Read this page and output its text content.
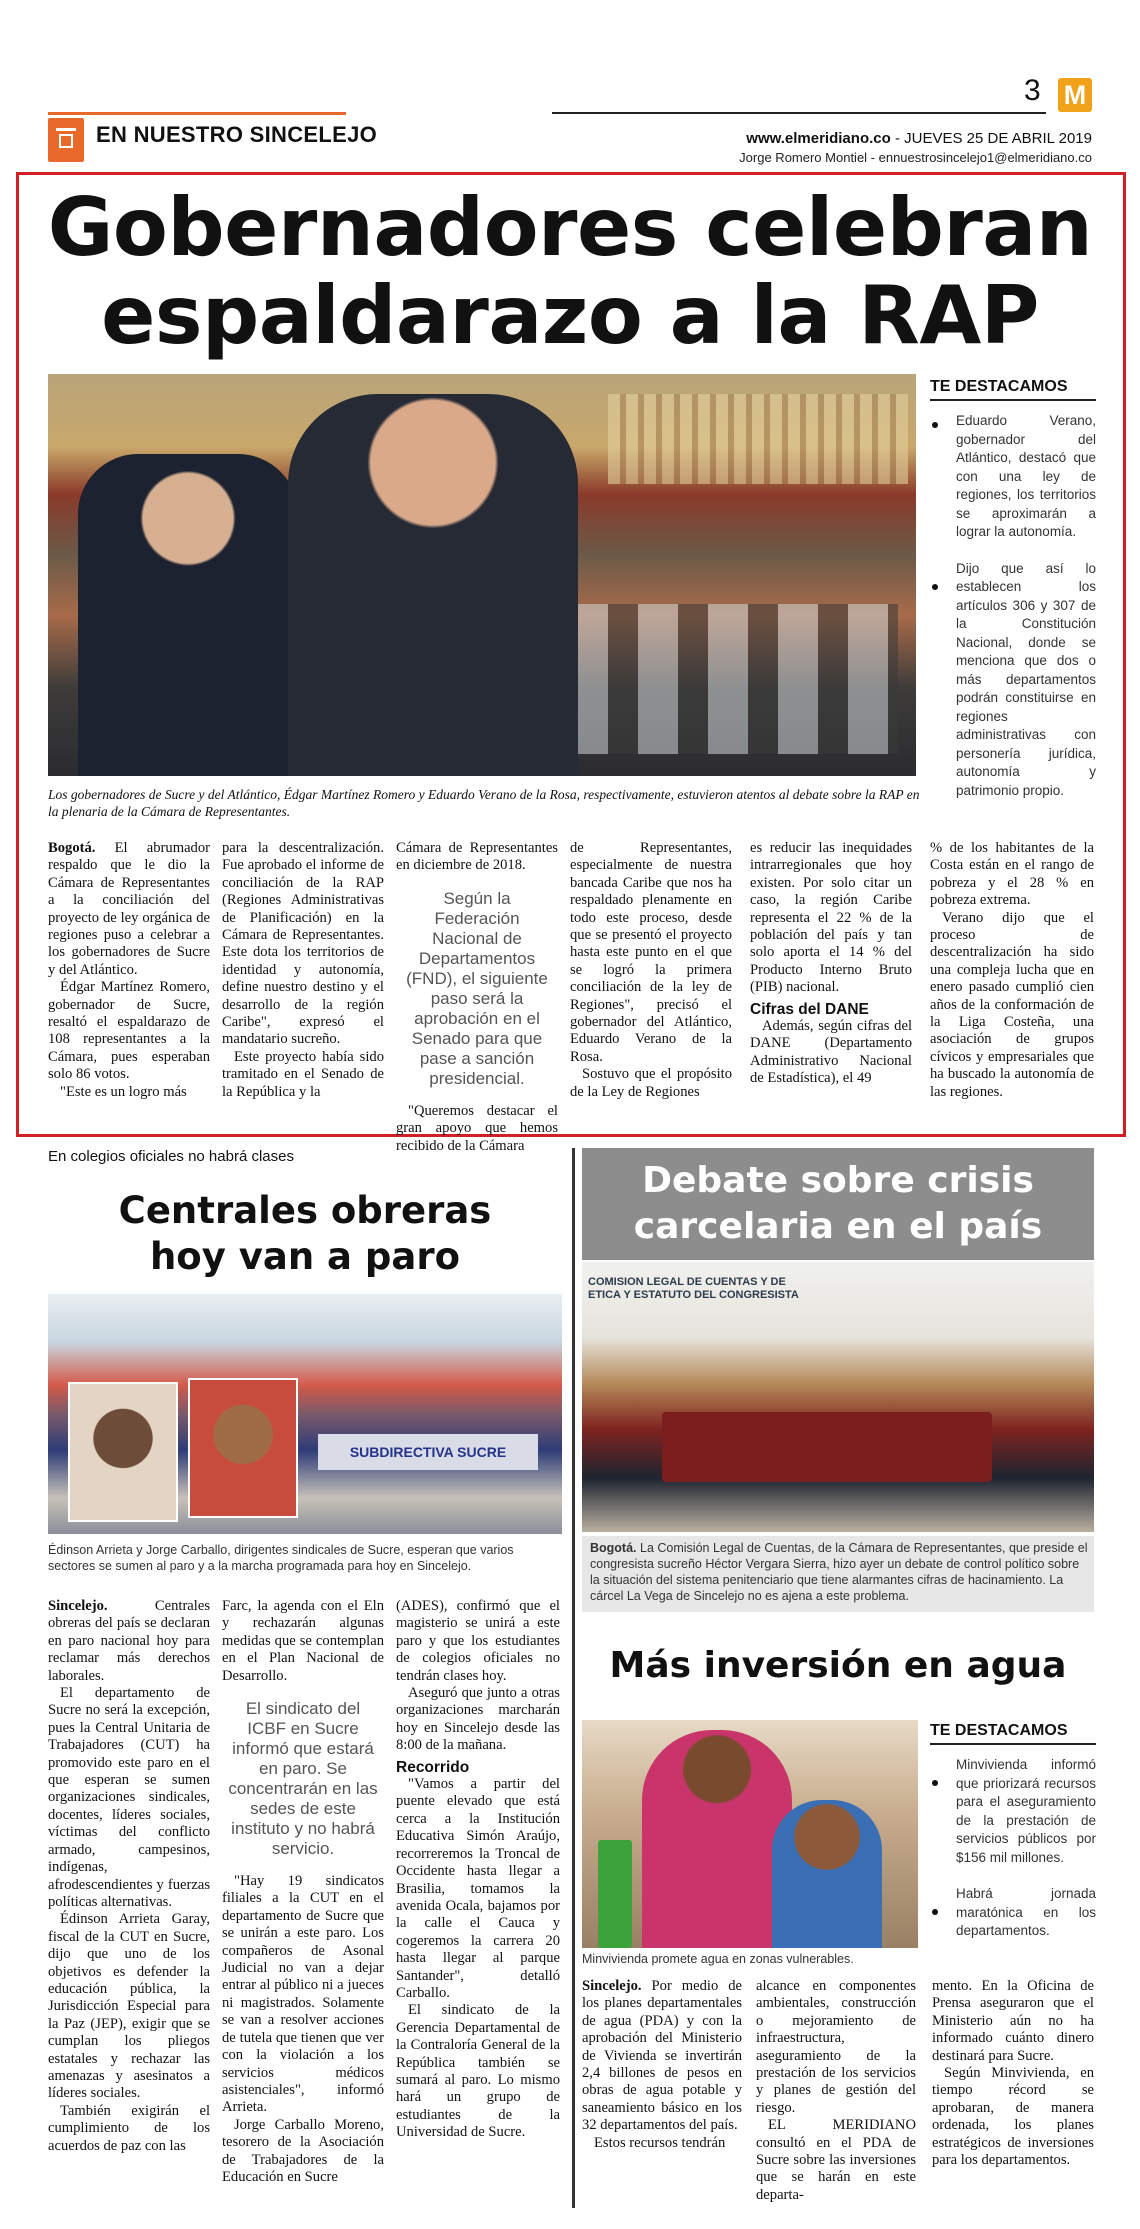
EN NUESTRO SINCELEJO
3 M
www.elmeridiano.co - JUEVES 25 DE ABRIL 2019
Jorge Romero Montiel - ennuestrosincelejo1@elmeridiano.co
Gobernadores celebran
espaldarazo a la RAP
Los gobernadores de Sucre y del Atlántico, Édgar Martínez Romero y Eduardo Verano de la Rosa, respectivamente, estuvieron atentos al debate sobre la RAP en la plenaria de la Cámara de Representantes.
TE DESTACAMOS
Eduardo Verano, gobernador del Atlántico, destacó que con una ley de regiones, los territorios se aproximarán a lograr la autonomía.
Dijo que así lo establecen los artículos 306 y 307 de la Constitución Nacional, donde se menciona que dos o más departamentos podrán constituirse en regiones administrativas con personería jurídica, autonomía y patrimonio propio.

Bogotá. El abrumador respaldo que le dio la Cámara de Representantes a la conciliación del proyecto de ley orgánica de regiones puso a celebrar a los gobernadores de Sucre y del Atlántico.

Édgar Martínez Romero, gobernador de Sucre, resaltó el espaldarazo de 108 representantes a la Cámara, pues esperaban solo 86 votos.

"Este es un logro más

para la descentralización. Fue aprobado el informe de conciliación de la RAP (Regiones Administrativas de Planificación) en la Cámara de Representantes. Este dota los territorios de identidad y autonomía, define nuestro destino y el desarrollo de la región Caribe", expresó el mandatario sucreño.

Este proyecto había sido tramitado en el Senado de la República y la

Cámara de Representantes en diciembre de 2018.

Según la Federación Nacional de Departamentos (FND), el siguiente paso será la aprobación en el Senado para que pase a sanción presidencial.

"Queremos destacar el gran apoyo que hemos recibido de la Cámara

de Representantes, especialmente de nuestra bancada Caribe que nos ha respaldado plenamente en todo este proceso, desde que se presentó el proyecto hasta este punto en el que se logró la primera conciliación de la ley de Regiones", precisó el gobernador del Atlántico, Eduardo Verano de la Rosa.

Sostuvo que el propósito de la Ley de Regiones

es reducir las inequidades intrarregionales que hoy existen. Por solo citar un caso, la región Caribe representa el 22 % de la población del país y tan solo aporta el 14 % del Producto Interno Bruto (PIB) nacional.

Cifras del DANE

Además, según cifras del DANE (Departamento Administrativo Nacional de Estadística), el 49

% de los habitantes de la Costa están en el rango de pobreza y el 28 % en pobreza extrema.

Verano dijo que el proceso de descentralización ha sido una compleja lucha que en enero pasado cumplió cien años de la conformación de la Liga Costeña, una asociación de grupos cívicos y empresariales que ha buscado la autonomía de las regiones.

En colegios oficiales no habrá clases
Centrales obreras
hoy van a paro
SUBDIRECTIVA SUCRE
Édinson Arrieta y Jorge Carballo, dirigentes sindicales de Sucre, esperan que varios sectores se sumen al paro y a la marcha programada para hoy en Sincelejo.

Sincelejo. Centrales obreras del país se declaran en paro nacional hoy para reclamar más derechos laborales.

El departamento de Sucre no será la excepción, pues la Central Unitaria de Trabajadores (CUT) ha promovido este paro en el que esperan se sumen organizaciones sindicales, docentes, líderes sociales, víctimas del conflicto armado, campesinos, indígenas, afrodescendientes y fuerzas políticas alternativas.

Édinson Arrieta Garay, fiscal de la CUT en Sucre, dijo que uno de los objetivos es defender la educación pública, la Jurisdicción Especial para la Paz (JEP), exigir que se cumplan los pliegos estatales y rechazar las amenazas y asesinatos a líderes sociales.

También exigirán el cumplimiento de los acuerdos de paz con las

Farc, la agenda con el Eln y rechazarán algunas medidas que se contemplan en el Plan Nacional de Desarrollo.

El sindicato del ICBF en Sucre informó que estará en paro. Se concentrarán en las sedes de este instituto y no habrá servicio.

"Hay 19 sindicatos filiales a la CUT en el departamento de Sucre que se unirán a este paro. Los compañeros de Asonal Judicial no van a dejar entrar al público ni a jueces ni magistrados. Solamente se van a resolver acciones de tutela que tienen que ver con la violación a los servicios médicos asistenciales", informó Arrieta.

Jorge Carballo Moreno, tesorero de la Asociación de Trabajadores de la Educación en Sucre

(ADES), confirmó que el magisterio se unirá a este paro y que los estudiantes de colegios oficiales no tendrán clases hoy.

Aseguró que junto a otras organizaciones marcharán hoy en Sincelejo desde las 8:00 de la mañana.

Recorrido

"Vamos a partir del puente elevado que está cerca a la Institución Educativa Simón Araújo, recorreremos la Troncal de Occidente hasta llegar a Brasilia, tomamos la avenida Ocala, bajamos por la calle el Cauca y cogeremos la carrera 20 hasta llegar al parque Santander", detalló Carballo.

El sindicato de la Gerencia Departamental de la Contraloría General de la República también se sumará al paro. Lo mismo hará un grupo de estudiantes de la Universidad de Sucre.

Debate sobre crisis
carcelaria en el país
COMISION LEGAL DE CUENTAS Y DE ETICA Y ESTATUTO DEL CONGRESISTA
Bogotá. La Comisión Legal de Cuentas, de la Cámara de Representantes, que preside el congresista sucreño Héctor Vergara Sierra, hizo ayer un debate de control político sobre la situación del sistema penitenciario que tiene alarmantes cifras de hacinamiento. La cárcel La Vega de Sincelejo no es ajena a este problema.
Más inversión en agua
Minvivienda promete agua en zonas vulnerables.
TE DESTACAMOS
Minvivienda informó que priorizará recursos para el aseguramiento de la prestación de servicios públicos por $156 mil millones.
Habrá jornada maratónica en los departamentos.

Sincelejo. Por medio de los planes departamentales de agua (PDA) y con la aprobación del Ministerio de Vivienda se invertirán 2,4 billones de pesos en obras de agua potable y saneamiento básico en los 32 departamentos del país.

Estos recursos tendrán

alcance en componentes ambientales, construcción o mejoramiento de infraestructura, aseguramiento de la prestación de los servicios y planes de gestión del riesgo.

EL MERIDIANO consultó en el PDA de Sucre sobre las inversiones que se harán en este departa-

mento. En la Oficina de Prensa aseguraron que el Ministerio aún no ha informado cuánto dinero destinará para Sucre.

Según Minvivienda, en tiempo récord se aprobaran, de manera ordenada, los planes estratégicos de inversiones para los departamentos.
